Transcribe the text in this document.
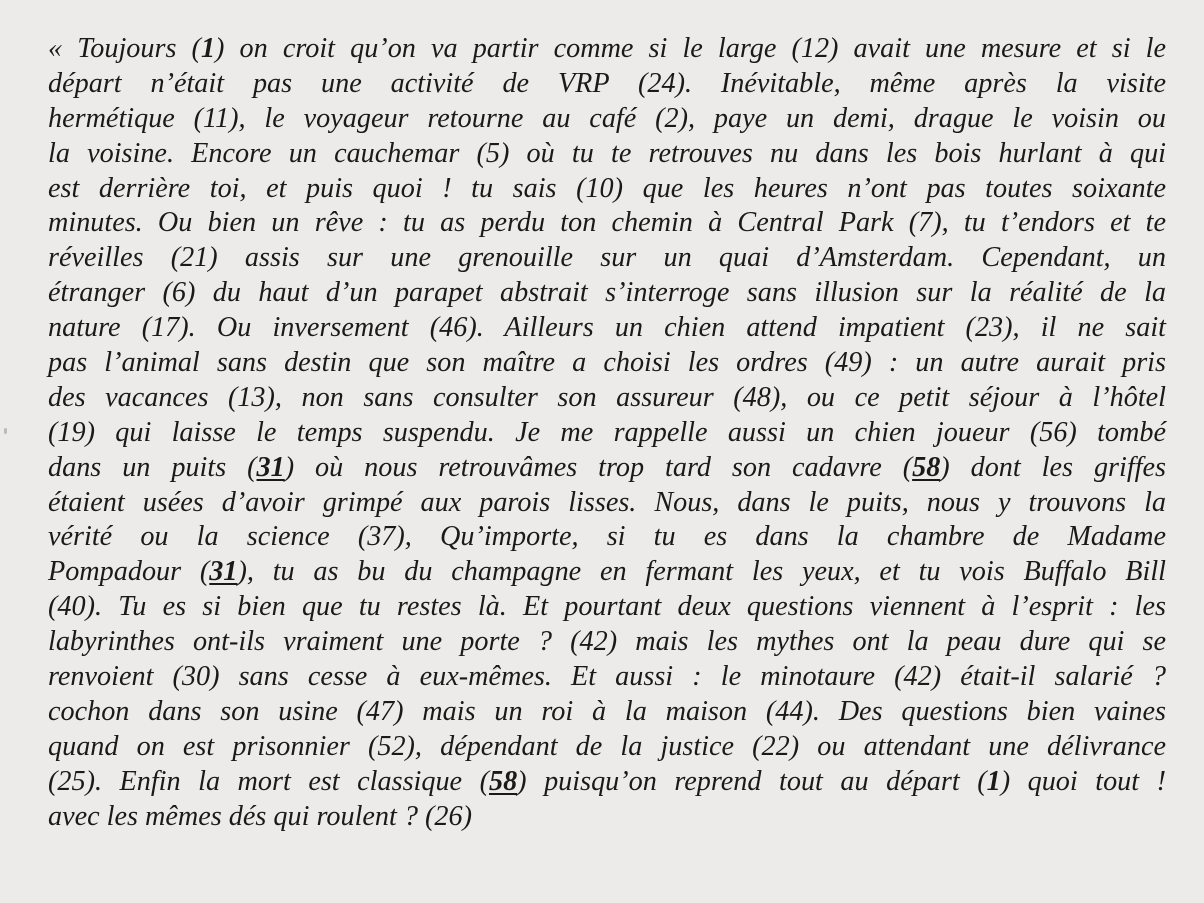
« Toujours (1) on croit qu’on va partir comme si le large (12) avait une mesure et si le
départ n’était pas une activité de VRP (24). Inévitable, même après la visite
hermétique (11), le voyageur retourne au café (2), paye un demi, drague le voisin ou
la voisine. Encore un cauchemar (5) où tu te retrouves nu dans les bois hurlant à qui
est derrière toi, et puis quoi ! tu sais (10) que les heures n’ont pas toutes soixante
minutes. Ou bien un rêve : tu as perdu ton chemin à Central Park (7), tu t’endors et te
réveilles (21) assis sur une grenouille sur un quai d’Amsterdam. Cependant, un
étranger (6) du haut d’un parapet abstrait s’interroge sans illusion sur la réalité de la
nature (17). Ou inversement (46). Ailleurs un chien attend impatient (23), il ne sait
pas l’animal sans destin que son maître a choisi les ordres (49) : un autre aurait pris
des vacances (13), non sans consulter son assureur (48), ou ce petit séjour à l’hôtel
(19) qui laisse le temps suspendu. Je me rappelle aussi un chien joueur (56) tombé
dans un puits (31) où nous retrouvâmes trop tard son cadavre (58) dont les griffes
étaient usées d’avoir grimpé aux parois lisses. Nous, dans le puits, nous y trouvons la
vérité ou la science (37), Qu’importe, si tu es dans la chambre de Madame
Pompadour (31), tu as bu du champagne en fermant les yeux, et tu vois Buffalo Bill
(40). Tu es si bien que tu restes là. Et pourtant deux questions viennent à l’esprit : les
labyrinthes ont-ils vraiment une porte ? (42) mais les mythes ont la peau dure qui se
renvoient (30) sans cesse à eux-mêmes. Et aussi : le minotaure (42) était-il salarié ?
cochon dans son usine (47) mais un roi à la maison (44). Des questions bien vaines
quand on est prisonnier (52), dépendant de la justice (22) ou attendant une délivrance
(25). Enfin la mort est classique (58) puisqu’on reprend tout au départ (1) quoi tout !
avec les mêmes dés qui roulent ? (26)
